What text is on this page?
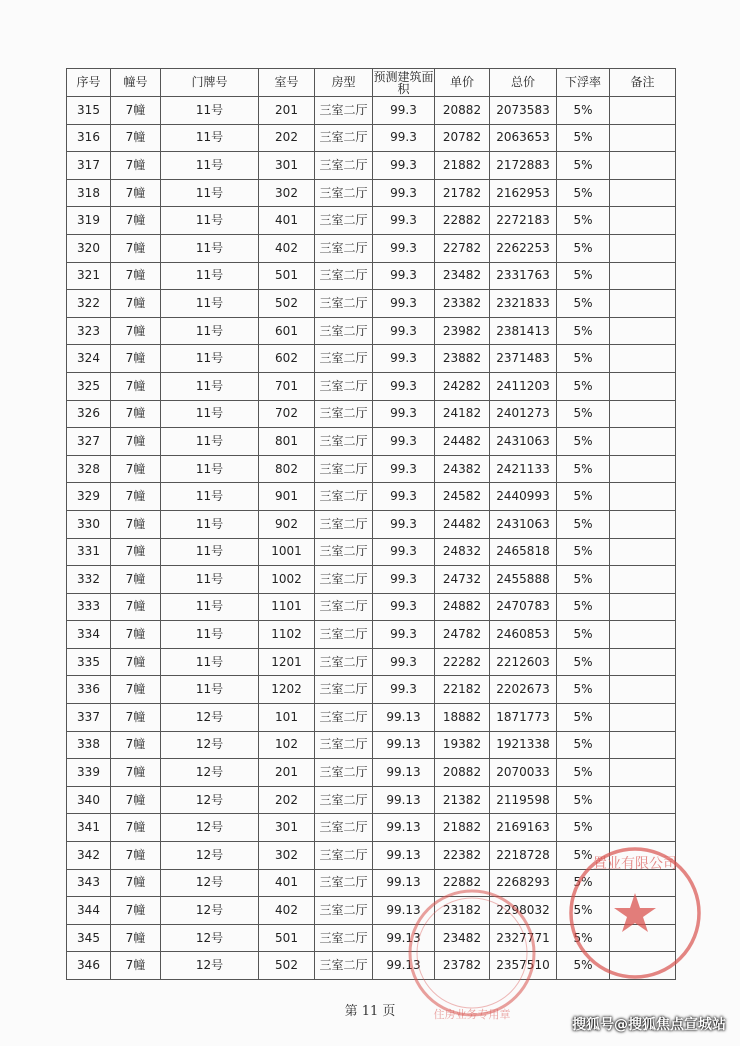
序号	幢号	门牌号	室号	房型	预测建筑面积	单价	总价	下浮率	备注
315	7幢	11号	201	三室二厅	99.3	20882	2073583	5%	
316	7幢	11号	202	三室二厅	99.3	20782	2063653	5%	
317	7幢	11号	301	三室二厅	99.3	21882	2172883	5%	
318	7幢	11号	302	三室二厅	99.3	21782	2162953	5%	
319	7幢	11号	401	三室二厅	99.3	22882	2272183	5%	
320	7幢	11号	402	三室二厅	99.3	22782	2262253	5%	
321	7幢	11号	501	三室二厅	99.3	23482	2331763	5%	
322	7幢	11号	502	三室二厅	99.3	23382	2321833	5%	
323	7幢	11号	601	三室二厅	99.3	23982	2381413	5%	
324	7幢	11号	602	三室二厅	99.3	23882	2371483	5%	
325	7幢	11号	701	三室二厅	99.3	24282	2411203	5%	
326	7幢	11号	702	三室二厅	99.3	24182	2401273	5%	
327	7幢	11号	801	三室二厅	99.3	24482	2431063	5%	
328	7幢	11号	802	三室二厅	99.3	24382	2421133	5%	
329	7幢	11号	901	三室二厅	99.3	24582	2440993	5%	
330	7幢	11号	902	三室二厅	99.3	24482	2431063	5%	
331	7幢	11号	1001	三室二厅	99.3	24832	2465818	5%	
332	7幢	11号	1002	三室二厅	99.3	24732	2455888	5%	
333	7幢	11号	1101	三室二厅	99.3	24882	2470783	5%	
334	7幢	11号	1102	三室二厅	99.3	24782	2460853	5%	
335	7幢	11号	1201	三室二厅	99.3	22282	2212603	5%	
336	7幢	11号	1202	三室二厅	99.3	22182	2202673	5%	
337	7幢	12号	101	三室二厅	99.13	18882	1871773	5%	
338	7幢	12号	102	三室二厅	99.13	19382	1921338	5%	
339	7幢	12号	201	三室二厅	99.13	20882	2070033	5%	
340	7幢	12号	202	三室二厅	99.13	21382	2119598	5%	
341	7幢	12号	301	三室二厅	99.13	21882	2169163	5%	
342	7幢	12号	302	三室二厅	99.13	22382	2218728	5%	
343	7幢	12号	401	三室二厅	99.13	22882	2268293	5%	
344	7幢	12号	402	三室二厅	99.13	23182	2298032	5%	
345	7幢	12号	501	三室二厅	99.13	23482	2327771	5%	
346	7幢	12号	502	三室二厅	99.13	23782	2357510	5%	
第 11 页	住房业务专用章
置业有限公司
搜狐号@搜狐焦点宣城站
